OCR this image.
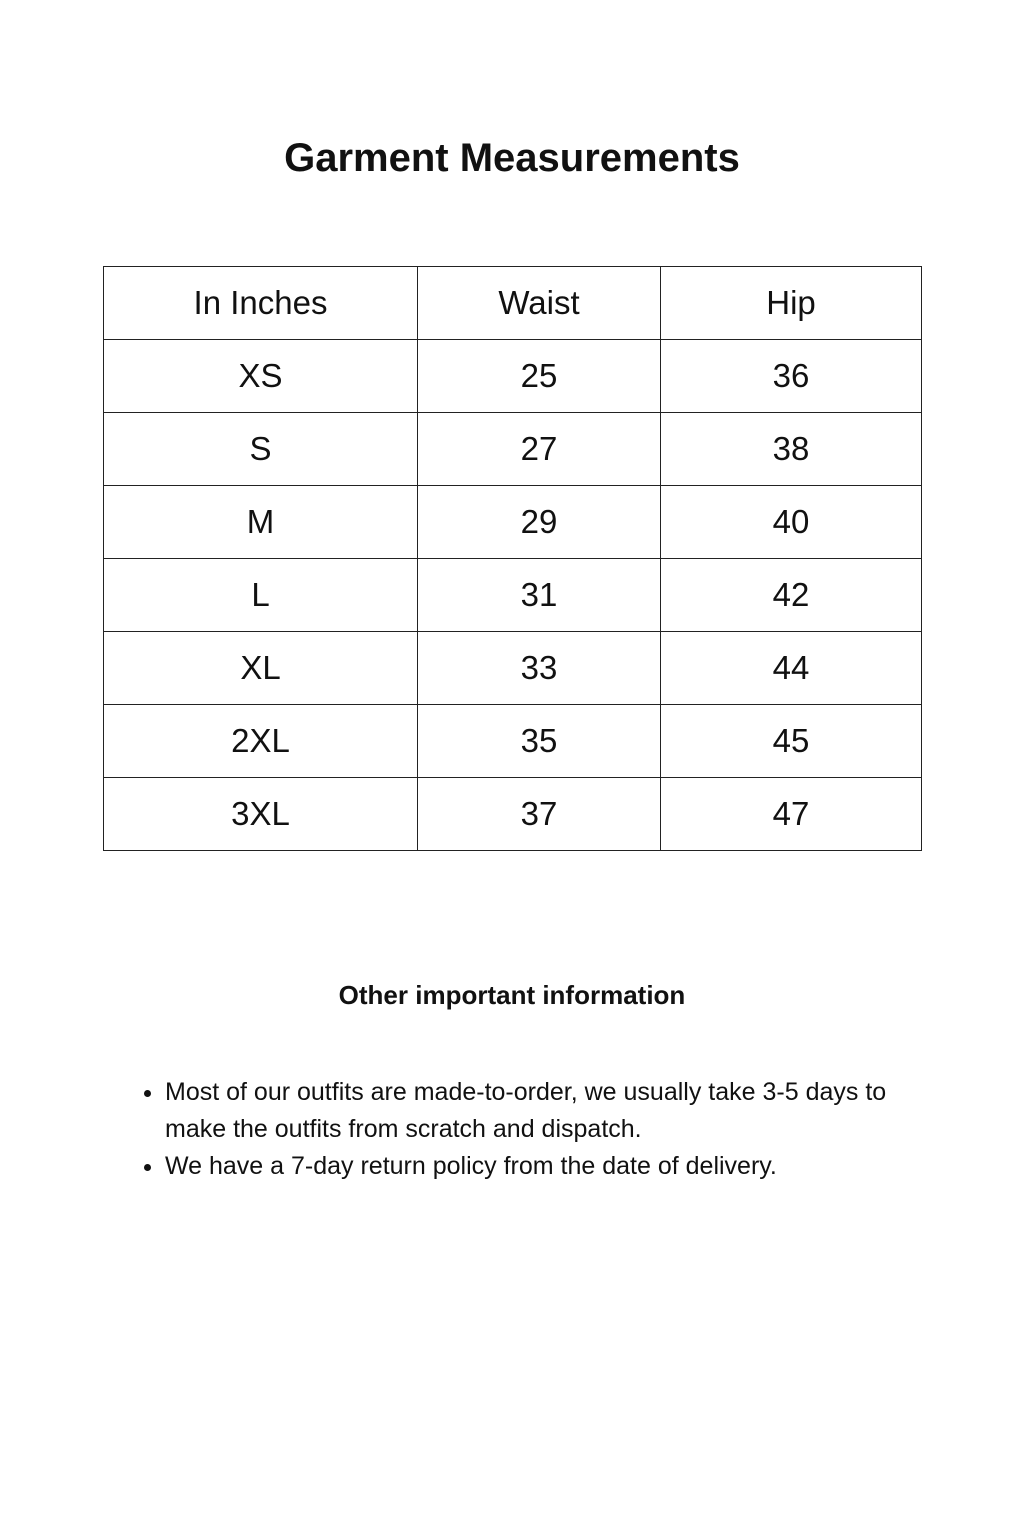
Garment Measurements
In Inches	Waist	Hip
XS	25	36
S	27	38
M	29	40
L	31	42
XL	33	44
2XL	35	45
3XL	37	47
Other important information
• Most of our outfits are made-to-order, we usually take 3-5 days to make the outfits from scratch and dispatch.
• We have a 7-day return policy from the date of delivery.
